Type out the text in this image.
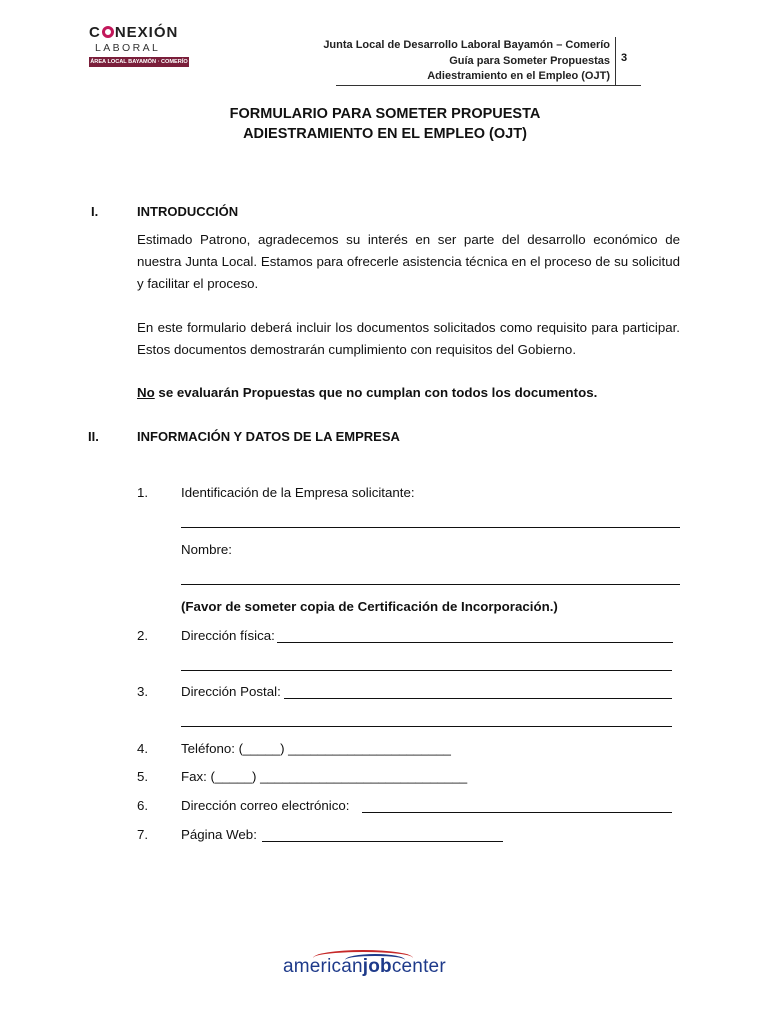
C NEXIÓN
LABORAL
ÁREA LOCAL BAYAMÓN · COMERÍO
Junta Local de Desarrollo Laboral Bayamón – Comerío
Guía para Someter Propuestas
Adiestramiento en el Empleo (OJT)
3
FORMULARIO PARA SOMETER PROPUESTA
ADIESTRAMIENTO EN EL EMPLEO (OJT)
I.	INTRODUCCIÓN
Estimado Patrono, agradecemos su interés en ser parte del desarrollo económico de nuestra Junta Local. Estamos para ofrecerle asistencia técnica en el proceso de su solicitud y facilitar el proceso.
En este formulario deberá incluir los documentos solicitados como requisito para participar. Estos documentos demostrarán cumplimiento con requisitos del Gobierno.
No se evaluarán Propuestas que no cumplan con todos los documentos.
II.	INFORMACIÓN Y DATOS DE LA EMPRESA
1. Identificación de la Empresa solicitante:
Nombre:
(Favor de someter copia de Certificación de Incorporación.)
2. Dirección física:
3. Dirección Postal:
4. Teléfono: (_____) ______________________
5. Fax: (_____) ____________________________
6. Dirección correo electrónico:
7. Página Web:
americanjobcenter
